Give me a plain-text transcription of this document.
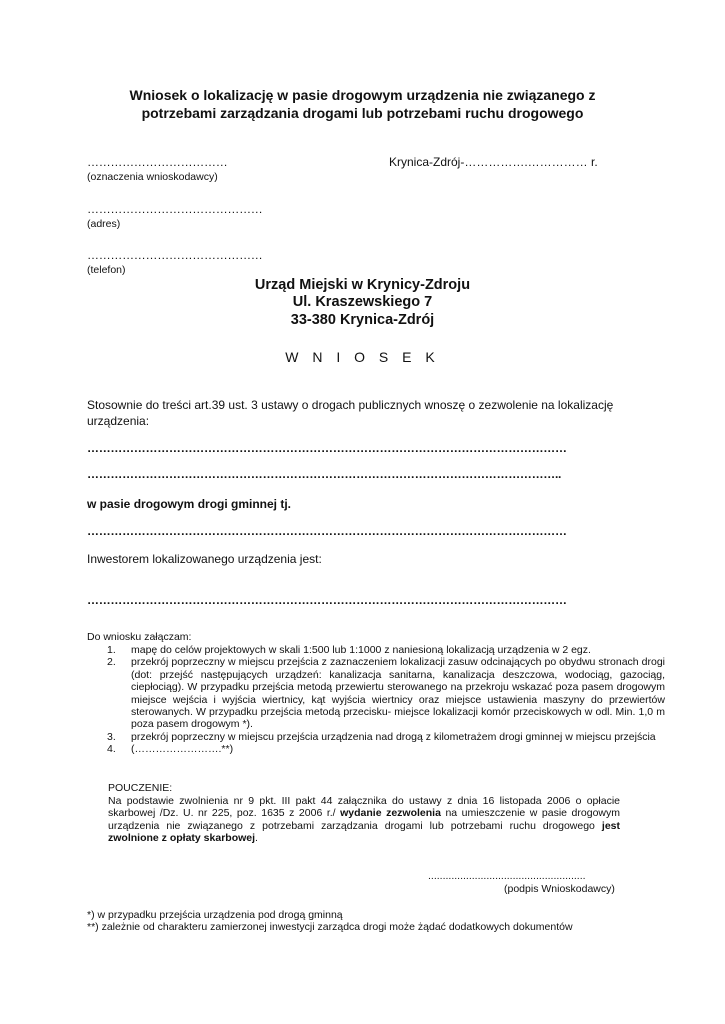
Wniosek o lokalizację w pasie drogowym urządzenia nie związanego z
potrzebami zarządzania drogami lub potrzebami ruchu drogowego
………………………………
(oznaczenia wnioskodawcy)
Krynica-Zdrój-…………….…………… r.
………………………………………
(adres)
………………………………………
(telefon)
Urząd Miejski w Krynicy-Zdroju
Ul. Kraszewskiego 7
33-380 Krynica-Zdrój
W N I O S E K
Stosownie do treści art.39 ust. 3 ustawy o drogach publicznych wnoszę o zezwolenie na lokalizację
urządzenia:
……………………………………………………………………………………………………………
…………………………………………………………………………………………………………..
w pasie drogowym drogi gminnej tj.
……………………………………………………………………………………………………………
Inwestorem lokalizowanego urządzenia jest:
……………………………………………………………………………………………………………
Do wniosku załączam:
1. mapę do celów projektowych w skali 1:500 lub 1:1000 z naniesioną lokalizacją urządzenia w 2 egz.
2. przekrój poprzeczny w miejscu przejścia z zaznaczeniem lokalizacji zasuw odcinających po obydwu stronach drogi (dot: przejść następujących urządzeń: kanalizacja sanitarna, kanalizacja deszczowa, wodociąg, gazociąg, ciepłociąg). W przypadku przejścia metodą przewiertu sterowanego na przekroju wskazać poza pasem drogowym miejsce wejścia i wyjścia wiertnicy, kąt wyjścia wiertnicy oraz miejsce ustawienia maszyny do przewiertów sterowanych. W przypadku przejścia metodą przecisku- miejsce lokalizacji komór przeciskowych w odl. Min. 1,0 m poza pasem drogowym *).
3. przekrój poprzeczny w miejscu przejścia urządzenia nad drogą z kilometrażem drogi gminnej w miejscu przejścia
4. (…………………….**)
POUCZENIE:
Na podstawie zwolnienia nr 9 pkt. III pakt 44 załącznika do ustawy z dnia 16 listopada 2006 o opłacie skarbowej /Dz. U. nr 225, poz. 1635 z 2006 r./ wydanie zezwolenia na umieszczenie w pasie drogowym urządzenia nie związanego z potrzebami zarządzania drogami lub potrzebami ruchu drogowego jest zwolnione z opłaty skarbowej.
......................................................
(podpis Wnioskodawcy)
*) w przypadku przejścia urządzenia pod drogą gminną
**) zależnie od charakteru zamierzonej inwestycji zarządca drogi może żądać dodatkowych dokumentów
